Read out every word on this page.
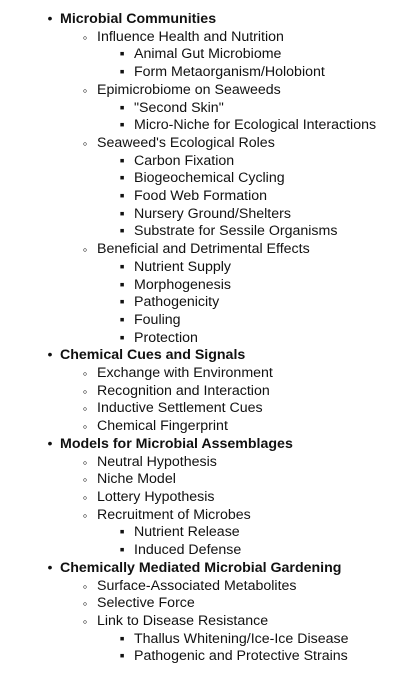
• Microbial Communities
◦ Influence Health and Nutrition
▪ Animal Gut Microbiome
▪ Form Metaorganism/Holobiont
◦ Epimicrobiome on Seaweeds
▪ "Second Skin"
▪ Micro-Niche for Ecological Interactions
◦ Seaweed's Ecological Roles
▪ Carbon Fixation
▪ Biogeochemical Cycling
▪ Food Web Formation
▪ Nursery Ground/Shelters
▪ Substrate for Sessile Organisms
◦ Beneficial and Detrimental Effects
▪ Nutrient Supply
▪ Morphogenesis
▪ Pathogenicity
▪ Fouling
▪ Protection
• Chemical Cues and Signals
◦ Exchange with Environment
◦ Recognition and Interaction
◦ Inductive Settlement Cues
◦ Chemical Fingerprint
• Models for Microbial Assemblages
◦ Neutral Hypothesis
◦ Niche Model
◦ Lottery Hypothesis
◦ Recruitment of Microbes
▪ Nutrient Release
▪ Induced Defense
• Chemically Mediated Microbial Gardening
◦ Surface-Associated Metabolites
◦ Selective Force
◦ Link to Disease Resistance
▪ Thallus Whitening/Ice-Ice Disease
▪ Pathogenic and Protective Strains
